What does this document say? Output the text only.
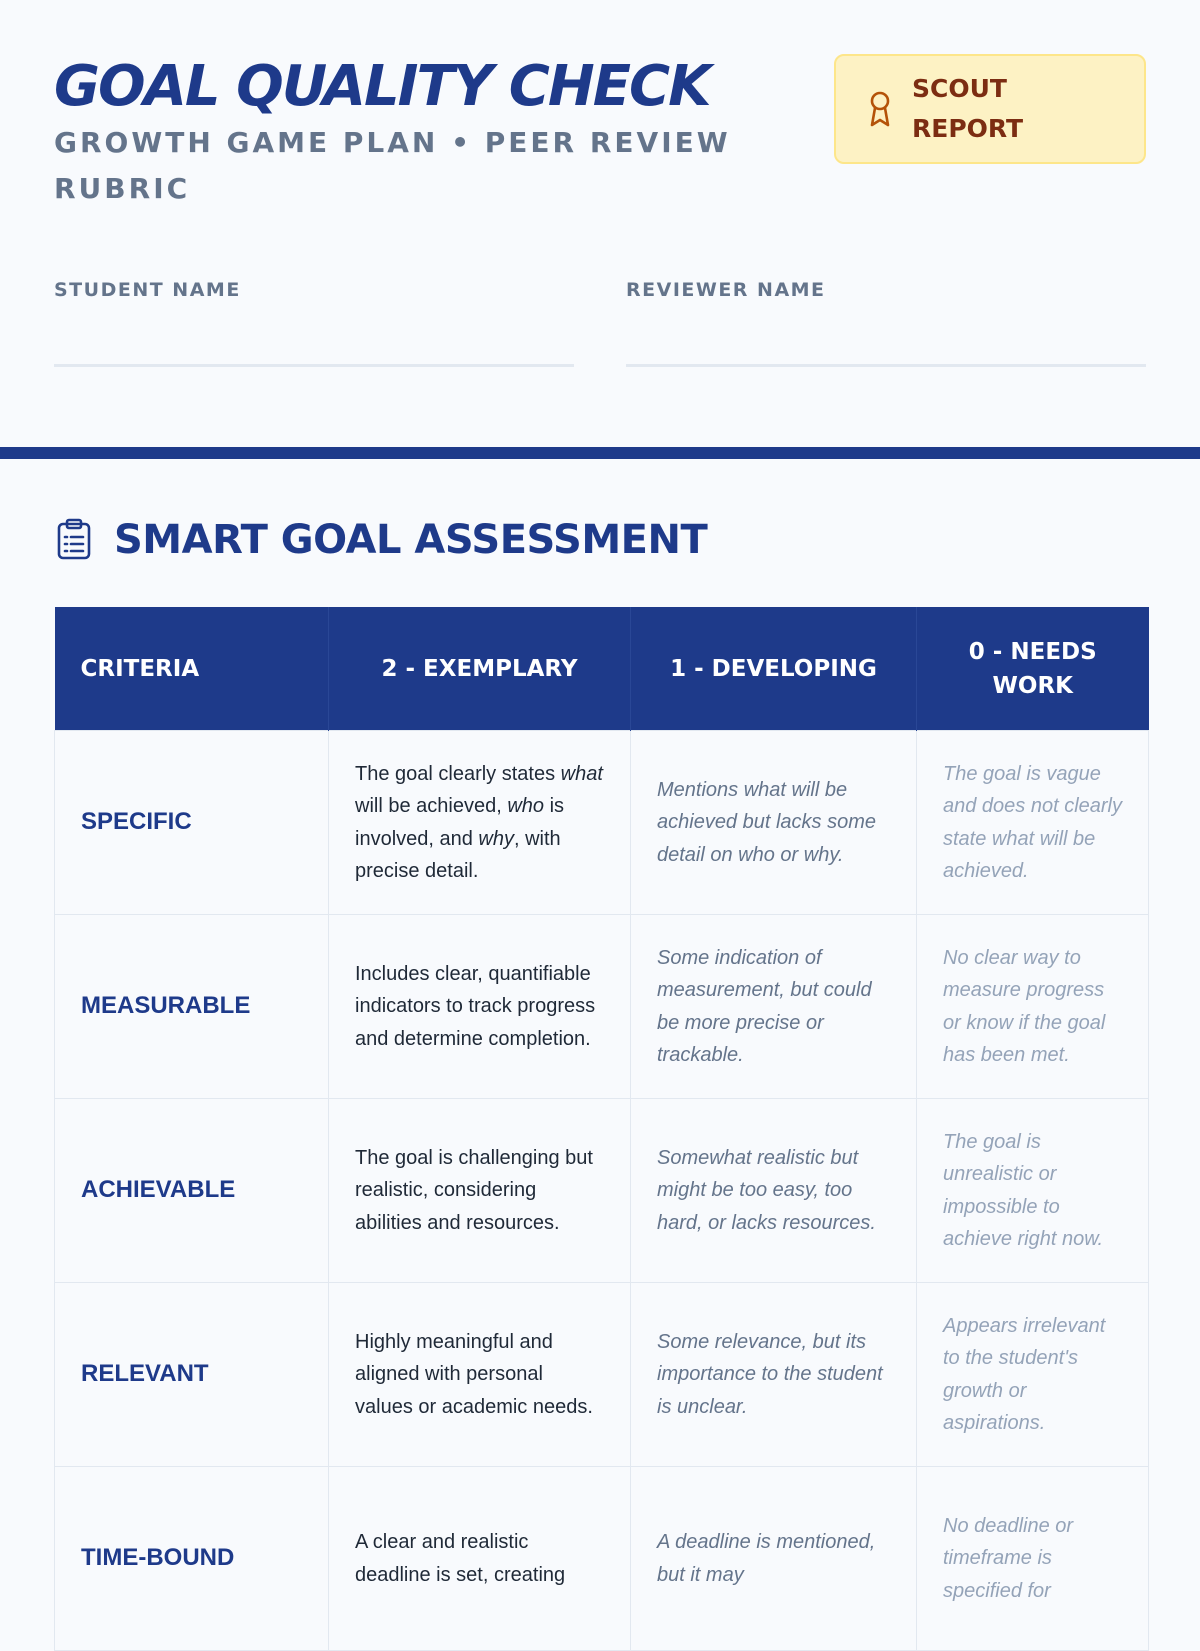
GOAL QUALITY CHECK

GROWTH GAME PLAN • PEER REVIEW RUBRIC

SCOUT REPORT
STUDENT NAME	REVIEWER NAME
SMART GOAL ASSESSMENT
CRITERIA	2 - EXEMPLARY	1 - DEVELOPING	0 - NEEDS WORK
SPECIFIC	The goal clearly states what will be achieved, who is involved, and why, with precise detail.	Mentions what will be achieved but lacks some detail on who or why.	The goal is vague and does not clearly state what will be achieved.
MEASURABLE	Includes clear, quantifiable indicators to track progress and determine completion.	Some indication of measurement, but could be more precise or trackable.	No clear way to measure progress or know if the goal has been met.
ACHIEVABLE	The goal is challenging but realistic, considering abilities and resources.	Somewhat realistic but might be too easy, too hard, or lacks resources.	The goal is unrealistic or impossible to achieve right now.
RELEVANT	Highly meaningful and aligned with personal values or academic needs.	Some relevance, but its importance to the student is unclear.	Appears irrelevant to the student's growth or aspirations.
TIME-BOUND	A clear and realistic deadline is set, creating	A deadline is mentioned, but it may	No deadline or timeframe is specified for
